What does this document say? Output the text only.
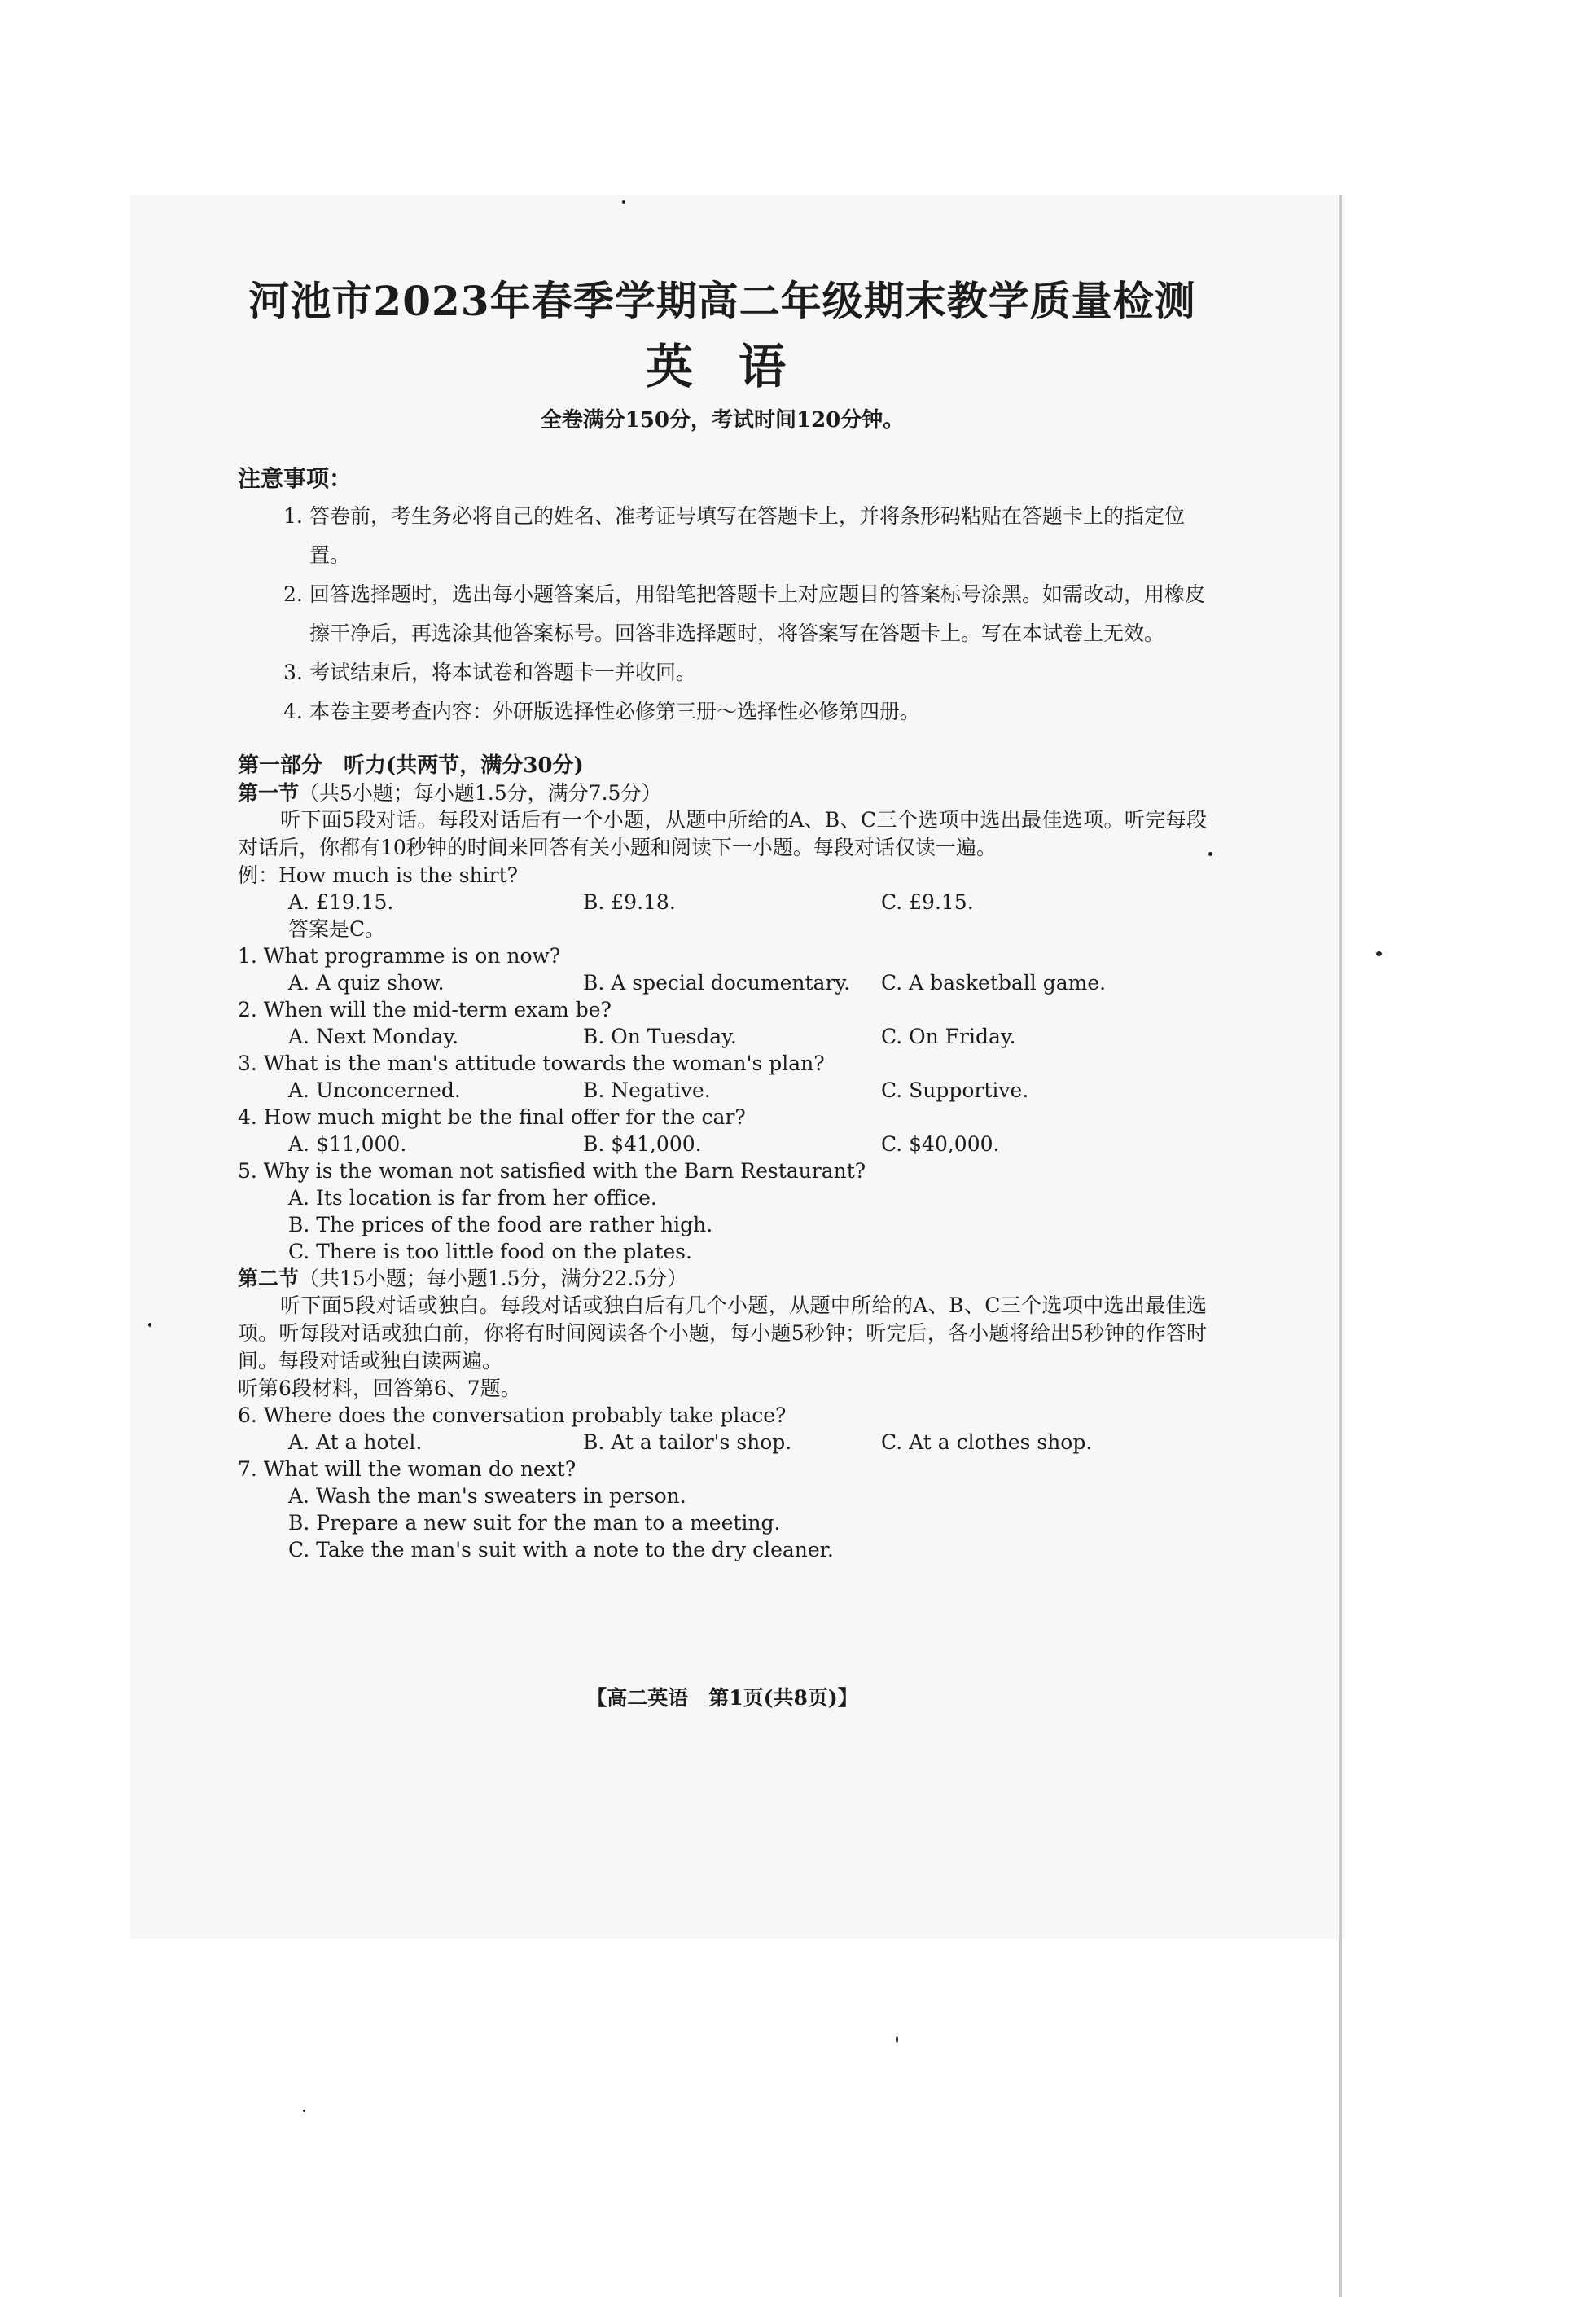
河池市2023年春季学期高二年级期末教学质量检测
英语
全卷满分150分，考试时间120分钟。
注意事项：
1. 答卷前，考生务必将自己的姓名、准考证号填写在答题卡上，并将条形码粘贴在答题卡上的指定位置。
2. 回答选择题时，选出每小题答案后，用铅笔把答题卡上对应题目的答案标号涂黑。如需改动，用橡皮擦干净后，再选涂其他答案标号。回答非选择题时，将答案写在答题卡上。写在本试卷上无效。
3. 考试结束后，将本试卷和答题卡一并收回。
4. 本卷主要考查内容：外研版选择性必修第三册～选择性必修第四册。
第一部分　听力(共两节，满分30分)
第一节（共5小题；每小题1.5分，满分7.5分）
听下面5段对话。每段对话后有一个小题，从题中所给的A、B、C三个选项中选出最佳选项。听完每段对话后，你都有10秒钟的时间来回答有关小题和阅读下一小题。每段对话仅读一遍。
例：How much is the shirt?
A. £19.15.	B. £9.18.	C. £9.15.
答案是C。
1. What programme is on now?
A. A quiz show.	B. A special documentary.	C. A basketball game.
2. When will the mid-term exam be?
A. Next Monday.	B. On Tuesday.	C. On Friday.
3. What is the man's attitude towards the woman's plan?
A. Unconcerned.	B. Negative.	C. Supportive.
4. How much might be the final offer for the car?
A. $11,000.	B. $41,000.	C. $40,000.
5. Why is the woman not satisfied with the Barn Restaurant?
A. Its location is far from her office.
B. The prices of the food are rather high.
C. There is too little food on the plates.
第二节（共15小题；每小题1.5分，满分22.5分）
听下面5段对话或独白。每段对话或独白后有几个小题，从题中所给的A、B、C三个选项中选出最佳选项。听每段对话或独白前，你将有时间阅读各个小题，每小题5秒钟；听完后，各小题将给出5秒钟的作答时间。每段对话或独白读两遍。
听第6段材料，回答第6、7题。
6. Where does the conversation probably take place?
A. At a hotel.	B. At a tailor's shop.	C. At a clothes shop.
7. What will the woman do next?
A. Wash the man's sweaters in person.
B. Prepare a new suit for the man to a meeting.
C. Take the man's suit with a note to the dry cleaner.
【高二英语　第1页(共8页)】
